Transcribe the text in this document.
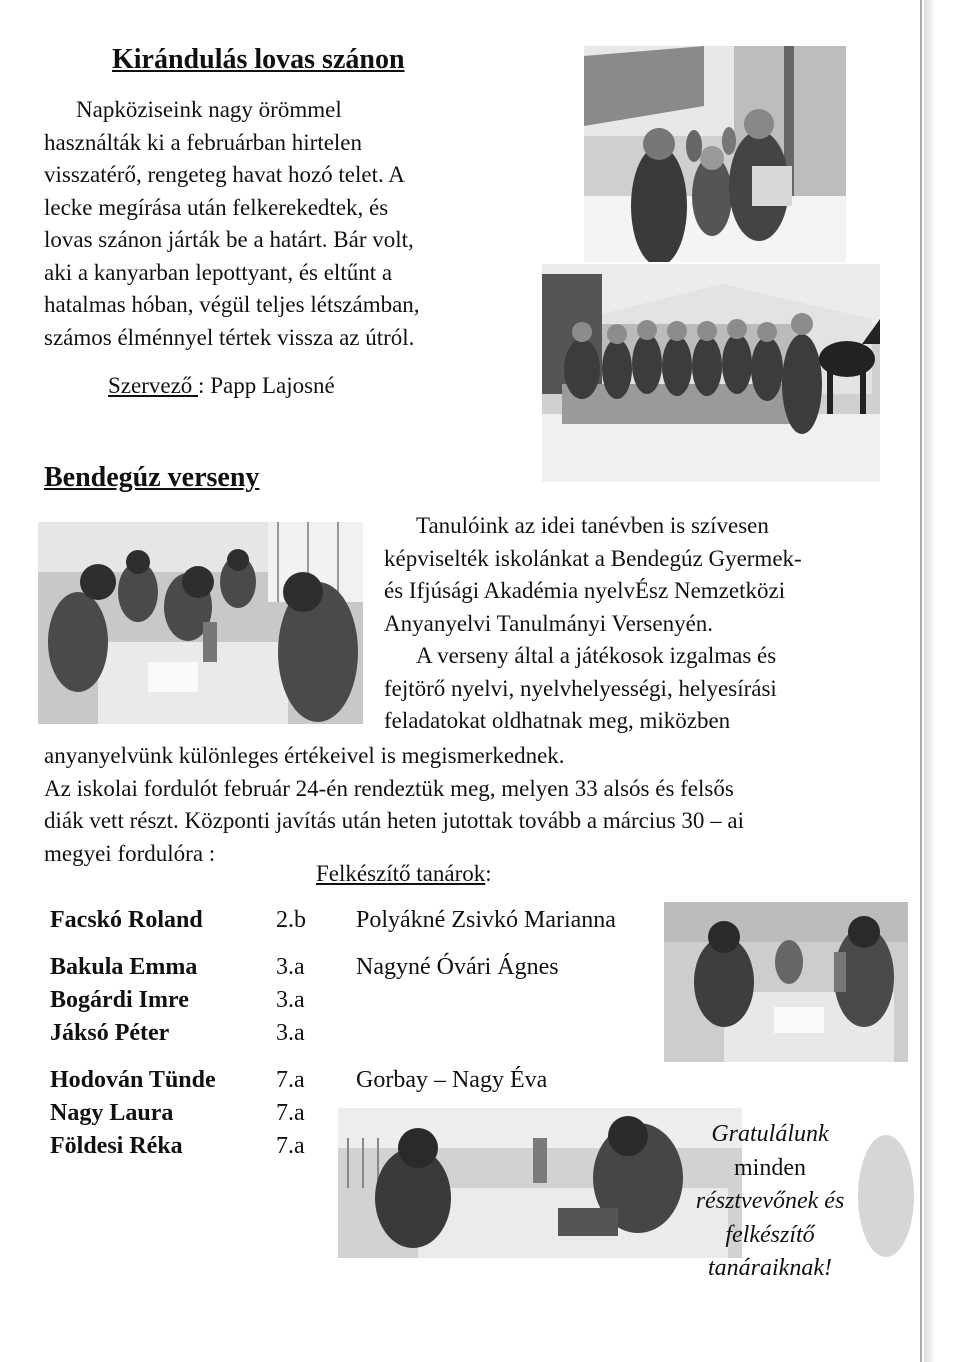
Kirándulás lovas szánon
Napköziseink nagy örömmel
használták ki a februárban hirtelen
visszatérő, rengeteg havat hozó telet. A
lecke megírása után felkerekedtek, és
lovas szánon járták be a határt. Bár volt,
aki a kanyarban lepottyant, és eltűnt a
hatalmas hóban, végül teljes létszámban,
számos élménnyel tértek vissza az útról.
Szervező : Papp Lajosné
Bendegúz verseny
Tanulóink az idei tanévben is szívesen
képviselték iskolánkat a Bendegúz Gyermek-
és Ifjúsági Akadémia nyelvÉsz Nemzetközi
Anyanyelvi Tanulmányi Versenyén.
A verseny által a játékosok izgalmas és
fejtörő nyelvi, nyelvhelyességi, helyesírási
feladatokat oldhatnak meg, miközben
anyanyelvünk különleges értékeivel is megismerkednek.
Az iskolai fordulót február 24-én rendeztük meg, melyen 33 alsós és felsős
diák vett részt. Központi javítás után heten jutottak tovább a március 30 – ai
megyei fordulóra :
Felkészítő tanárok:
Facskó Roland	2.b Polyákné Zsivkó Marianna
Bakula Emma	3.a Nagyné Óvári Ágnes
Bogárdi Imre	3.a
Jáksó Péter	3.a
Hodován Tünde	7.a Gorbay – Nagy Éva
Nagy Laura	7.a
Földesi Réka	7.a	Gratulálunk
minden
résztvevőnek és
felkészítő
tanáraiknak!
